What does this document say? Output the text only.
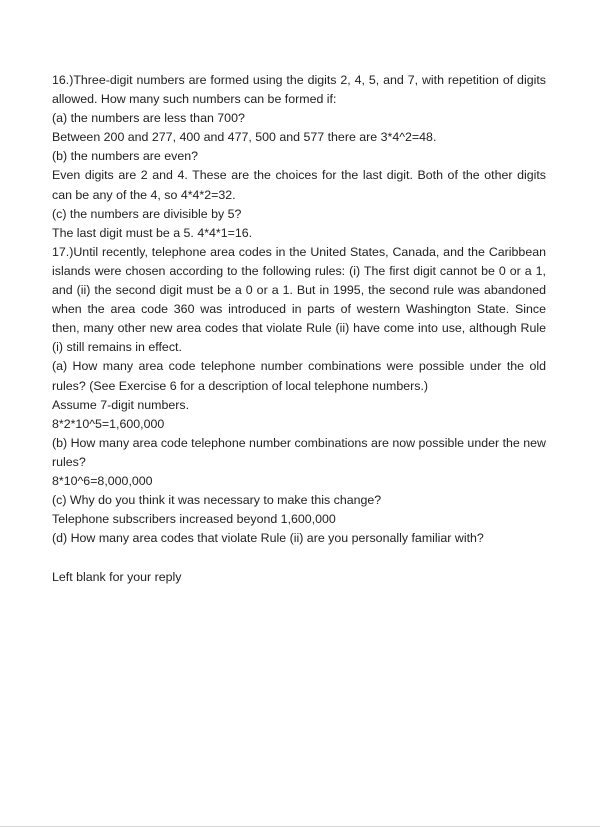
16.)Three-digit numbers are formed using the digits 2, 4, 5, and 7, with repetition of digits allowed. How many such numbers can be formed if:

(a) the numbers are less than 700?

Between 200 and 277, 400 and 477, 500 and 577 there are 3*4^2=48.

(b) the numbers are even?

Even digits are 2 and 4. These are the choices for the last digit. Both of the other digits can be any of the 4, so 4*4*2=32.

(c) the numbers are divisible by 5?

The last digit must be a 5. 4*4*1=16.

17.)Until recently, telephone area codes in the United States, Canada, and the Caribbean islands were chosen according to the following rules: (i) The first digit cannot be 0 or a 1, and (ii) the second digit must be a 0 or a 1. But in 1995, the second rule was abandoned when the area code 360 was introduced in parts of western Washington State. Since then, many other new area codes that violate Rule (ii) have come into use, although Rule (i) still remains in effect.

(a) How many area code telephone number combinations were possible under the old rules? (See Exercise 6 for a description of local telephone numbers.)

Assume 7-digit numbers.

8*2*10^5=1,600,000

(b) How many area code telephone number combinations are now possible under the new rules?

8*10^6=8,000,000

(c) Why do you think it was necessary to make this change?

Telephone subscribers increased beyond 1,600,000

(d) How many area codes that violate Rule (ii) are you personally familiar with?

Left blank for your reply
